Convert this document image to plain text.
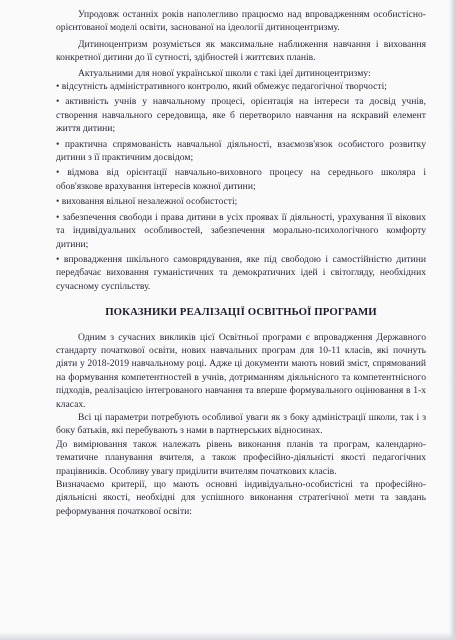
Упродовж останніх років наполегливо працюємо над впровадженням особистісно-орієнтованої моделі освіти, заснованої на ідеології дитиноцентризму.

Дитиноцентризм розуміється як максимальне наближення навчання і виховання конкретної дитини до її сутності, здібностей і життєвих планів.

Актуальними для нової української школи є такі ідеї дитиноцентризму:

• відсутність адміністративного контролю, який обмежує педагогічної творчості;

• активність учнів у навчальному процесі, орієнтація на інтереси та досвід учнів, створення навчального середовища, яке б перетворило навчання на яскравий елемент життя дитини;

• практична спрямованість навчальної діяльності, взаємозв'язок особистого розвитку дитини з її практичним досвідом;

• відмова від орієнтації навчально-виховного процесу на середнього школяра і обов'язкове врахування інтересів кожної дитини;

• виховання вільної незалежної особистості;

• забезпечення свободи і права дитини в усіх проявах її діяльності, урахування її вікових та індивідуальних особливостей, забезпечення морально-психологічного комфорту дитини;

• впровадження шкільного самоврядування, яке під свободою і самостійністю дитини передбачає виховання гуманістичних та демократичних ідей і світогляду, необхідних сучасному суспільству.

ПОКАЗНИКИ РЕАЛІЗАЦІЇ ОСВІТНЬОЇ ПРОГРАМИ

Одним з сучасних викликів цієї Освітньої програми є впровадження Державного стандарту початкової освіти, нових навчальних програм для 10-11 класів, які почнуть діяти у 2018-2019 навчальному році. Адже ці документи мають новий зміст, спрямований на формування компетентностей в учнів, дотриманням діяльнісного та компетентнісного підходів, реалізацією інтегрованого навчання та вперше формувального оцінювання в 1-х класах.

Всі ці параметри потребують особливої уваги як з боку адміністрації школи, так і з боку батьків, які перебувають з нами в партнерських відносинах.

До вимірювання також належать рівень виконання планів та програм, календарно-тематичне планування вчителя, а також професійно-діяльністі якості педагогічних працівників. Особливу увагу приділити вчителям початкових класів.

Визначаємо критерії, що мають основні індивідуально-особистісні та професійно-діяльнісні якості, необхідні для успішного виконання стратегічної мети та завдань реформування початкової освіти:
